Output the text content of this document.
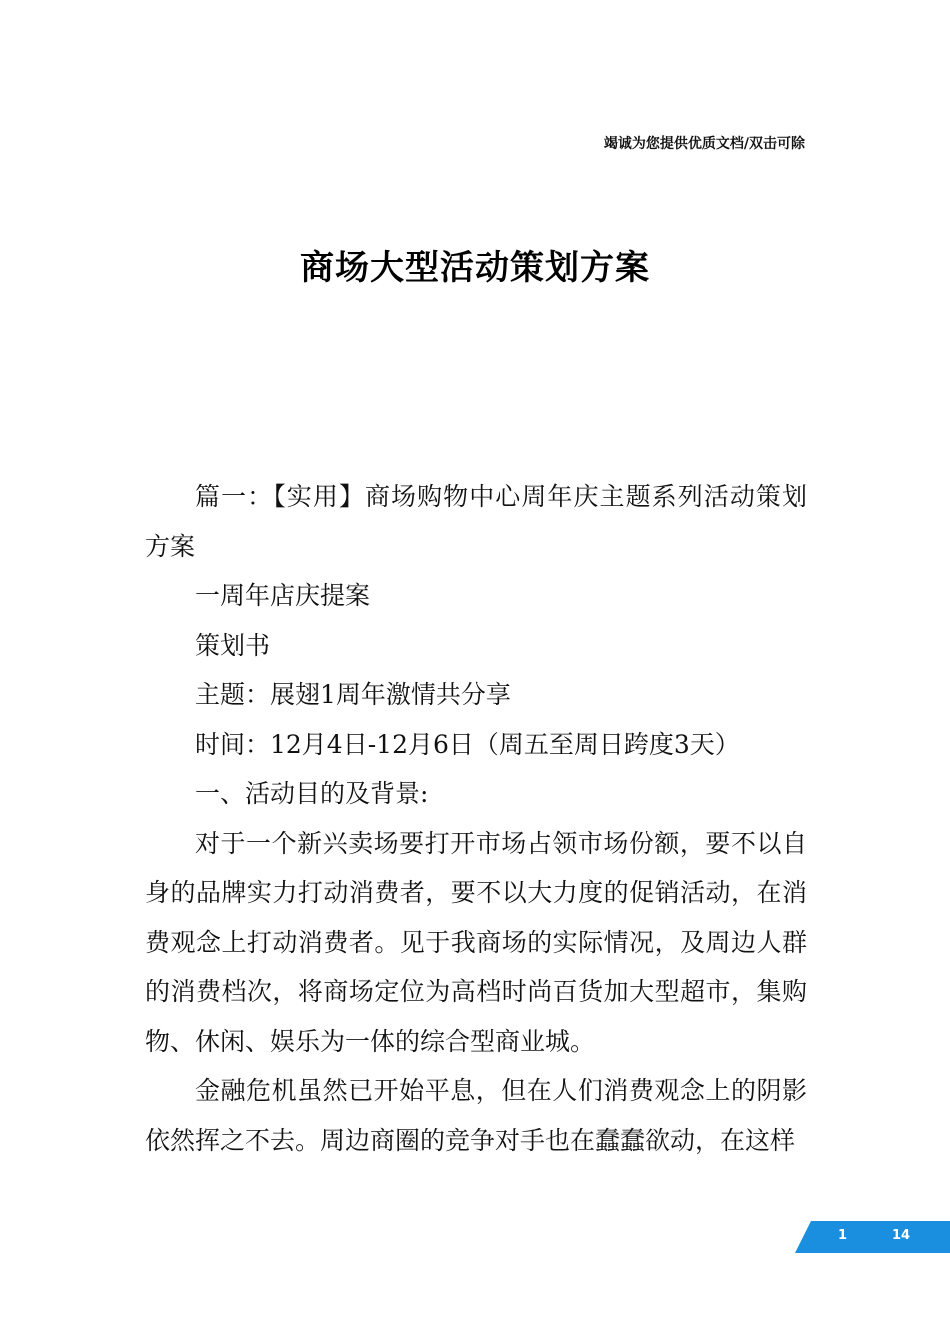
竭诚为您提供优质文档/双击可除
商场大型活动策划方案

篇一：【实用】商场购物中心周年庆主题系列活动策划方案

一周年店庆提案

策划书

主题：展翅1周年激情共分享

时间：12月4日-12月6日（周五至周日跨度3天）

一、活动目的及背景:

对于一个新兴卖场要打开市场占领市场份额，要不以自身的品牌实力打动消费者，要不以大力度的促销活动，在消费观念上打动消费者。见于我商场的实际情况，及周边人群的消费档次，将商场定位为高档时尚百货加大型超市，集购物、休闲、娱乐为一体的综合型商业城。

金融危机虽然已开始平息，但在人们消费观念上的阴影依然挥之不去。周边商圈的竞争对手也在蠢蠢欲动，在这样

1	14
